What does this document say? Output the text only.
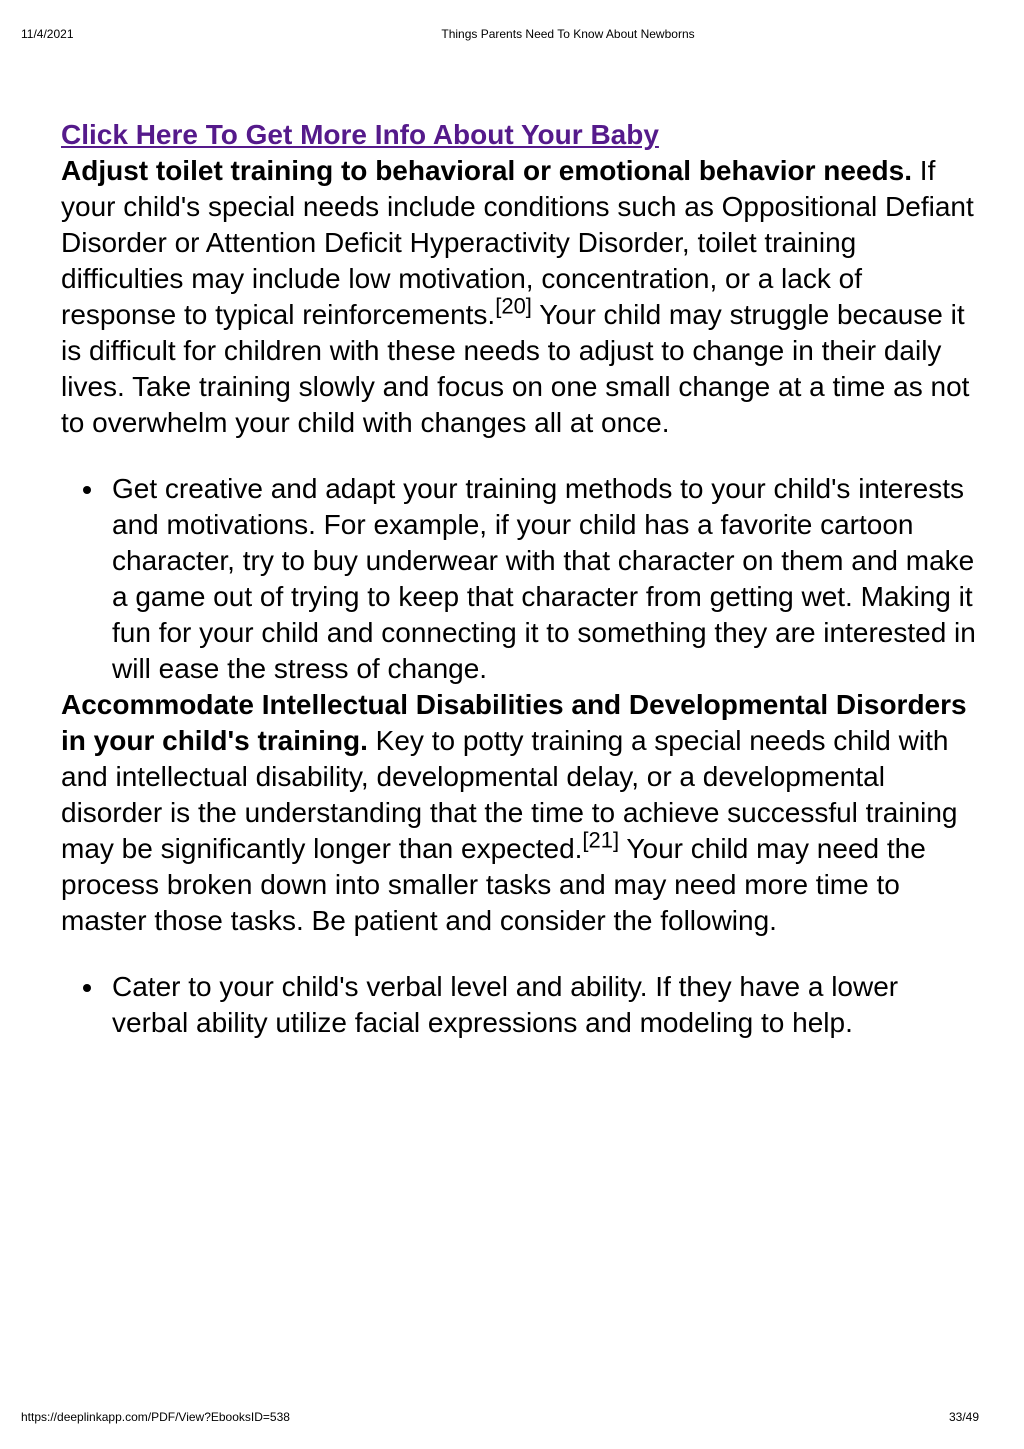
11/4/2021	Things Parents Need To Know About Newborns
Click Here To Get More Info About Your Baby

Adjust toilet training to behavioral or emotional behavior needs. If your child's special needs include conditions such as Oppositional Defiant Disorder or Attention Deficit Hyperactivity Disorder, toilet training difficulties may include low motivation, concentration, or a lack of response to typical reinforcements.[20] Your child may struggle because it is difficult for children with these needs to adjust to change in their daily lives. Take training slowly and focus on one small change at a time as not to overwhelm your child with changes all at once.

Get creative and adapt your training methods to your child's interests and motivations. For example, if your child has a favorite cartoon character, try to buy underwear with that character on them and make a game out of trying to keep that character from getting wet. Making it fun for your child and connecting it to something they are interested in will ease the stress of change.

Accommodate Intellectual Disabilities and Developmental Disorders in your child's training. Key to potty training a special needs child with and intellectual disability, developmental delay, or a developmental disorder is the understanding that the time to achieve successful training may be significantly longer than expected.[21] Your child may need the process broken down into smaller tasks and may need more time to master those tasks. Be patient and consider the following.

Cater to your child's verbal level and ability. If they have a lower verbal ability utilize facial expressions and modeling to help.
https://deeplinkapp.com/PDF/View?EbooksID=538	33/49
